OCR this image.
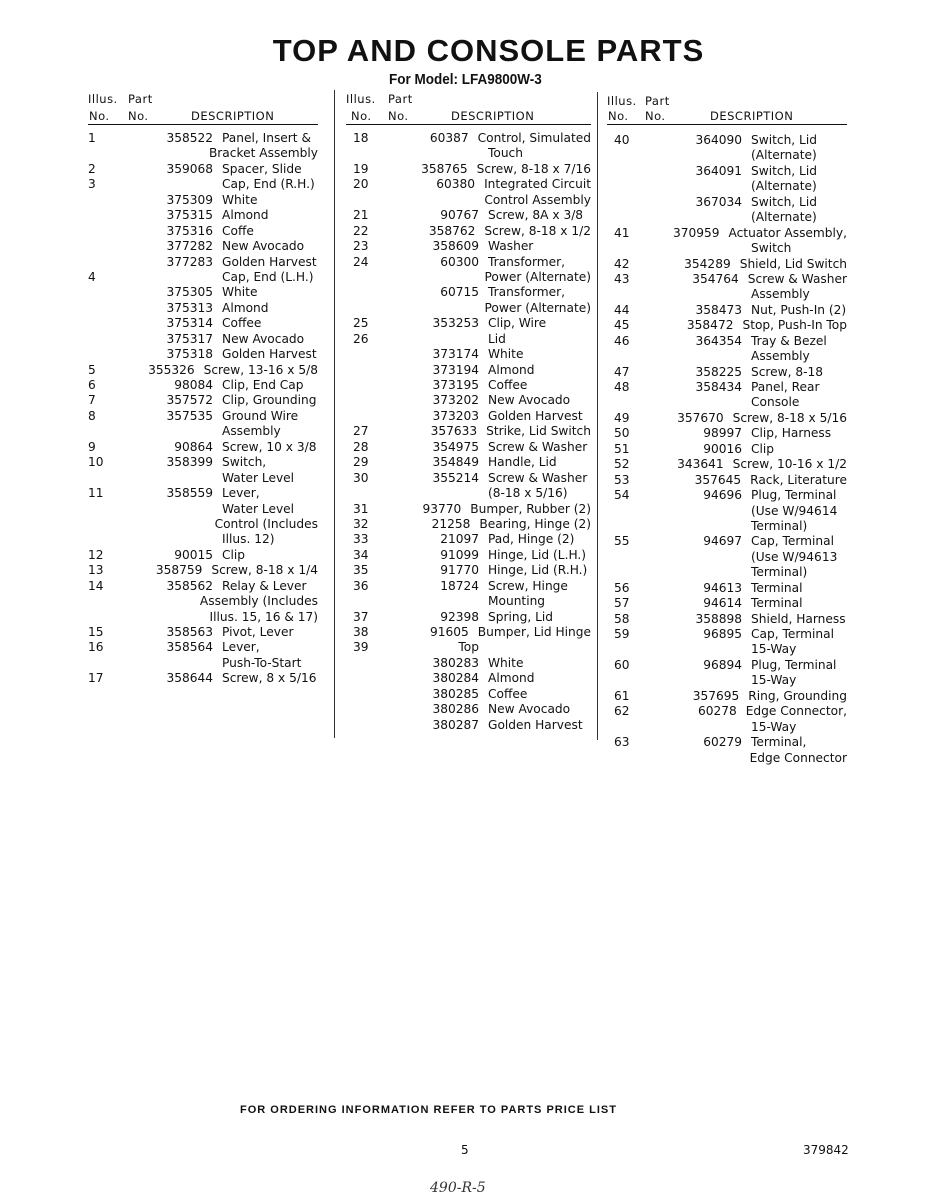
TOP AND CONSOLE PARTS
For Model: LFA9800W-3
Illus. Part
No. No.	DESCRIPTION
1	358522 Panel, Insert &
Bracket Assembly
2	359068 Spacer, Slide
3	Cap, End (R.H.)
375309 White
375315 Almond
375316 Coffe
377282 New Avocado
377283 Golden Harvest
4	Cap, End (L.H.)
375305 White
375313 Almond
375314 Coffee
375317 New Avocado
375318 Golden Harvest
5	355326 Screw, 13-16 x 5/8
6	98084 Clip, End Cap
7	357572 Clip, Grounding
8	357535 Ground Wire
Assembly
9	90864 Screw, 10 x 3/8
10	358399 Switch,
Water Level
11	358559 Lever,
Water Level
Control (Includes
Illus. 12)
12	90015 Clip
13	358759 Screw, 8-18 x 1/4
14	358562 Relay & Lever
Assembly (Includes
Illus. 15, 16 & 17)
15	358563 Pivot, Lever
16	358564 Lever,
Push-To-Start
17	358644 Screw, 8 x 5/16
Illus. Part
No. No.	DESCRIPTION
18	60387 Control, Simulated
Touch
19	358765 Screw, 8-18 x 7/16
20	60380 Integrated Circuit
Control Assembly
21	90767 Screw, 8A x 3/8
22	358762 Screw, 8-18 x 1/2
23	358609 Washer
24	60300 Transformer,
Power (Alternate)
60715 Transformer,
Power (Alternate)
25	353253 Clip, Wire
26	Lid
373174 White
373194 Almond
373195 Coffee
373202 New Avocado
373203 Golden Harvest
27	357633 Strike, Lid Switch
28	354975 Screw & Washer
29	354849 Handle, Lid
30	355214 Screw & Washer
(8-18 x 5/16)
31	93770 Bumper, Rubber (2)
32	21258 Bearing, Hinge (2)
33	21097 Pad, Hinge (2)
34	91099 Hinge, Lid (L.H.)
35	91770 Hinge, Lid (R.H.)
36	18724 Screw, Hinge
Mounting
37	92398 Spring, Lid
38	91605 Bumper, Lid Hinge
39	Top
380283 White
380284 Almond
380285 Coffee
380286 New Avocado
380287 Golden Harvest
Illus. Part
No. No.	DESCRIPTION
40	364090 Switch, Lid
(Alternate)
364091 Switch, Lid
(Alternate)
367034 Switch, Lid
(Alternate)
41	370959 Actuator Assembly,
Switch
42	354289 Shield, Lid Switch
43	354764 Screw & Washer
Assembly
44	358473 Nut, Push-In (2)
45	358472 Stop, Push-In Top
46	364354 Tray & Bezel
Assembly
47	358225 Screw, 8-18
48	358434 Panel, Rear
Console
49	357670 Screw, 8-18 x 5/16
50	98997 Clip, Harness
51	90016 Clip
52	343641 Screw, 10-16 x 1/2
53	357645 Rack, Literature
54	94696 Plug, Terminal
(Use W/94614
Terminal)
55	94697 Cap, Terminal
(Use W/94613
Terminal)
56	94613 Terminal
57	94614 Terminal
58	358898 Shield, Harness
59	96895 Cap, Terminal
15-Way
60	96894 Plug, Terminal
15-Way
61	357695 Ring, Grounding
62	60278 Edge Connector,
15-Way
63	60279 Terminal,
Edge Connector
FOR ORDERING INFORMATION REFER TO PARTS PRICE LIST
5	379842
490-R-5
